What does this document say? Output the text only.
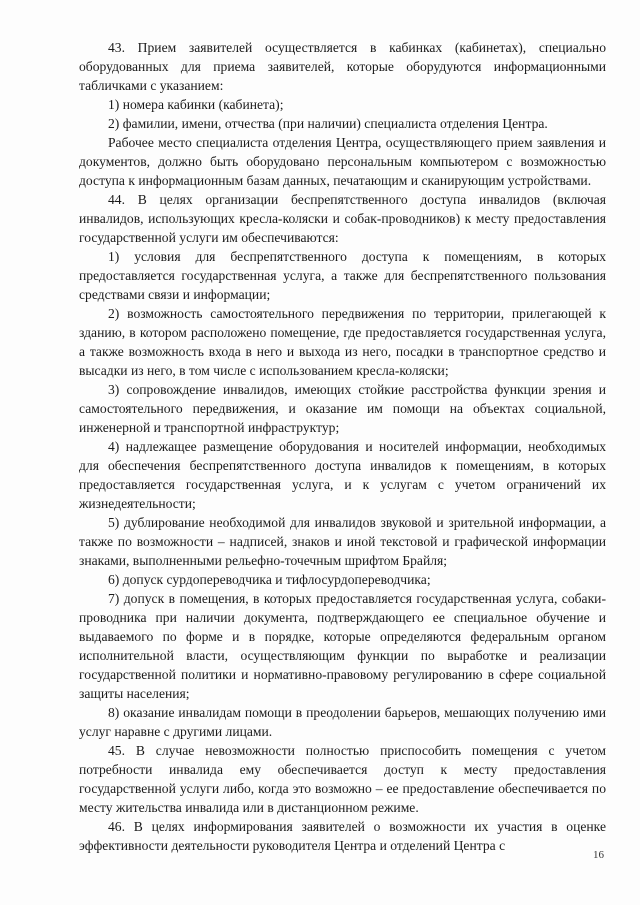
43. Прием заявителей осуществляется в кабинках (кабинетах), специально оборудованных для приема заявителей, которые оборудуются информационными табличками с указанием:

1) номера кабинки (кабинета);

2) фамилии, имени, отчества (при наличии) специалиста отделения Центра.

Рабочее место специалиста отделения Центра, осуществляющего прием заявления и документов, должно быть оборудовано персональным компьютером с возможностью доступа к информационным базам данных, печатающим и сканирующим устройствами.

44. В целях организации беспрепятственного доступа инвалидов (включая инвалидов, использующих кресла-коляски и собак-проводников) к месту предоставления государственной услуги им обеспечиваются:

1) условия для беспрепятственного доступа к помещениям, в которых предоставляется государственная услуга, а также для беспрепятственного пользования средствами связи и информации;

2) возможность самостоятельного передвижения по территории, прилегающей к зданию, в котором расположено помещение, где предоставляется государственная услуга, а также возможность входа в него и выхода из него, посадки в транспортное средство и высадки из него, в том числе с использованием кресла-коляски;

3) сопровождение инвалидов, имеющих стойкие расстройства функции зрения и самостоятельного передвижения, и оказание им помощи на объектах социальной, инженерной и транспортной инфраструктур;

4) надлежащее размещение оборудования и носителей информации, необходимых для обеспечения беспрепятственного доступа инвалидов к помещениям, в которых предоставляется государственная услуга, и к услугам с учетом ограничений их жизнедеятельности;

5) дублирование необходимой для инвалидов звуковой и зрительной информации, а также по возможности – надписей, знаков и иной текстовой и графической информации знаками, выполненными рельефно-точечным шрифтом Брайля;

6) допуск сурдопереводчика и тифлосурдопереводчика;

7) допуск в помещения, в которых предоставляется государственная услуга, собаки-проводника при наличии документа, подтверждающего ее специальное обучение и выдаваемого по форме и в порядке, которые определяются федеральным органом исполнительной власти, осуществляющим функции по выработке и реализации государственной политики и нормативно-правовому регулированию в сфере социальной защиты населения;

8) оказание инвалидам помощи в преодолении барьеров, мешающих получению ими услуг наравне с другими лицами.

45. В случае невозможности полностью приспособить помещения с учетом потребности инвалида ему обеспечивается доступ к месту предоставления государственной услуги либо, когда это возможно – ее предоставление обеспечивается по месту жительства инвалида или в дистанционном режиме.

46. В целях информирования заявителей о возможности их участия в оценке эффективности деятельности руководителя Центра и отделений Центра с

16
